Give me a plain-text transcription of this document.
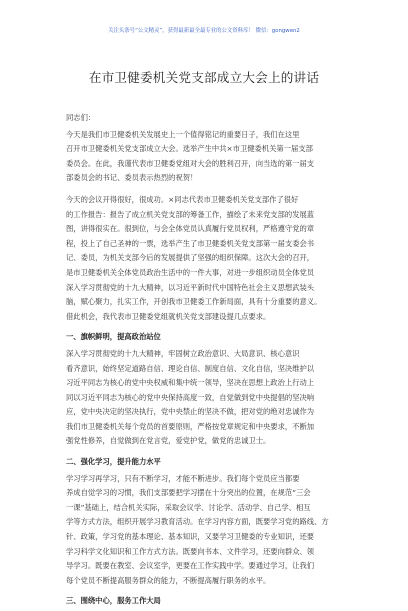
关注头条号“公文精灵”，获得最新最全最专业的公文资料库！ 微信：gongwen2
在市卫健委机关党支部成立大会上的讲话
同志们：
今天是我们市卫健委机关发展史上一个值得铭记的重要日子，我们在这里
召开市卫健委机关党支部成立大会。选举产生中共×市卫健委机关第一届支部
委员会。在此，我谨代表市卫健委党组对大会的胜利召开，向当选的第一届支
部委员会的书记、委员表示热烈的祝贺！
今天的会议开得很好，很成功。×同志代表市卫健委机关党支部作了很好
的工作报告：报告了成立机关党支部的筹备工作，描绘了未来党支部的发展蓝
图，讲得很实在。很到位，与会全体党员认真履行党员权利，严格遵守党的章
程，投上了自己圣神的一票，选举产生了市卫健委机关党支部第一届支委会书
记、委员，为机关支部今后的发展提供了坚强的组织保障。这次大会的召开，
是市卫健委机关全体党员政治生活中的一件大事，对进一步组织动员全体党员
深入学习贯彻党的十九大精神，以习近平新时代中国特色社会主义思想武装头
脑，赋心聚力，扎实工作，开创我市卫健委工作新局面，具有十分重要的意义。
借此机会，我代表市卫健委党组就机关党支部建设提几点要求。
一、旗帜鲜明，提高政治站位
深入学习贯彻党的十九大精神，牢固树立政治意识、大局意识、核心意识
看齐意识，始终坚定道路自信、理论自信、制度自信、文化自信，坚决维护以
习近平同志为核心的党中央权威和集中统一领导，坚决在思想上政治上行动上
同以习近平同志为核心的党中央保持高度一致，自觉做到党中央提倡的坚决响
应，党中央决定的坚决执行，党中央禁止的坚决不做，把对党的绝对忠诚作为
我们市卫健委机关每个党员的首要原则，严格按党章规定和中央要求，不断加
强党性修养，自觉做到在党言党，爱党护党，做党的忠诚卫士。
二、强化学习，提升能力水平
学习学习再学习，只有不断学习，才能不断进步。我们每个党员应当都要
养成自觉学习的习惯，我们支部要把学习摆在十分突出的位置，在规范“三会
一课”基础上，结合机关实际，采取会议学、讨论学、活动学、自己学、相互
学等方式方法，组织开展学习教育活动。在学习内容方面，既要学习党的路线、方
针、政策，学习党的基本理论、基本知识，又要学习卫健委的专业知识，还要
学习科学文化知识和工作方式方法。既要向书本、文件学习，还要向群众、领
导学习。既要在教室、会议室学，更要在工作实践中学。要通过学习，让我们
每个党员不断提高服务群众的能力，不断提高履行职务的水平。
三、围绕中心，服务工作大局
